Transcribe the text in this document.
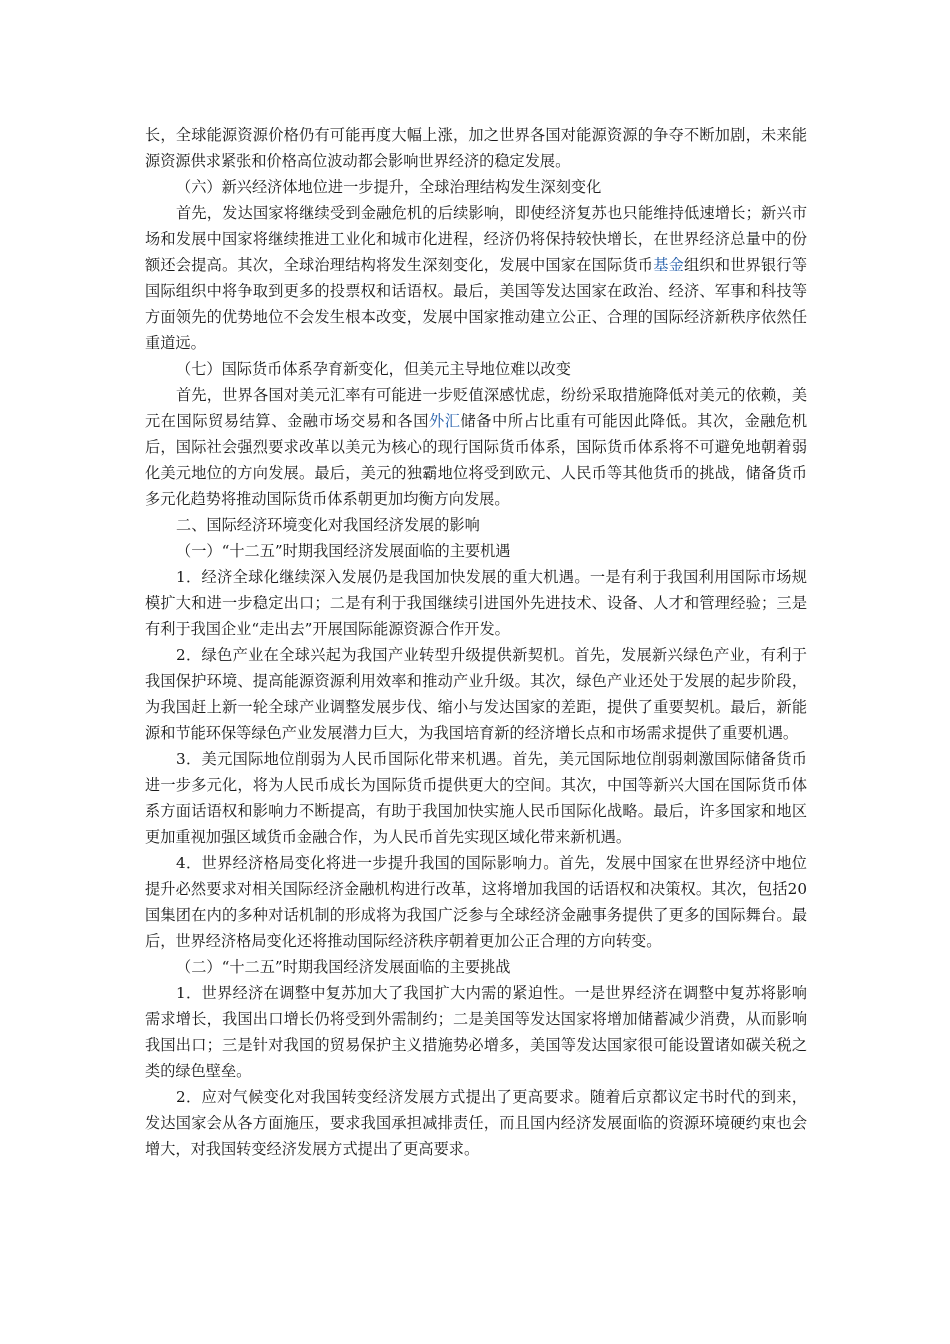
长，全球能源资源价格仍有可能再度大幅上涨，加之世界各国对能源资源的争夺不断加剧，未来能源资源供求紧张和价格高位波动都会影响世界经济的稳定发展。

（六）新兴经济体地位进一步提升，全球治理结构发生深刻变化

首先，发达国家将继续受到金融危机的后续影响，即使经济复苏也只能维持低速增长；新兴市场和发展中国家将继续推进工业化和城市化进程，经济仍将保持较快增长，在世界经济总量中的份额还会提高。其次，全球治理结构将发生深刻变化，发展中国家在国际货币基金组织和世界银行等国际组织中将争取到更多的投票权和话语权。最后，美国等发达国家在政治、经济、军事和科技等方面领先的优势地位不会发生根本改变，发展中国家推动建立公正、合理的国际经济新秩序依然任重道远。

（七）国际货币体系孕育新变化，但美元主导地位难以改变

首先，世界各国对美元汇率有可能进一步贬值深感忧虑，纷纷采取措施降低对美元的依赖，美元在国际贸易结算、金融市场交易和各国外汇储备中所占比重有可能因此降低。其次，金融危机后，国际社会强烈要求改革以美元为核心的现行国际货币体系，国际货币体系将不可避免地朝着弱化美元地位的方向发展。最后，美元的独霸地位将受到欧元、人民币等其他货币的挑战，储备货币多元化趋势将推动国际货币体系朝更加均衡方向发展。

二、国际经济环境变化对我国经济发展的影响

（一）“十二五”时期我国经济发展面临的主要机遇

1．经济全球化继续深入发展仍是我国加快发展的重大机遇。一是有利于我国利用国际市场规模扩大和进一步稳定出口；二是有利于我国继续引进国外先进技术、设备、人才和管理经验；三是有利于我国企业“走出去”开展国际能源资源合作开发。

2．绿色产业在全球兴起为我国产业转型升级提供新契机。首先，发展新兴绿色产业，有利于我国保护环境、提高能源资源利用效率和推动产业升级。其次，绿色产业还处于发展的起步阶段，为我国赶上新一轮全球产业调整发展步伐、缩小与发达国家的差距，提供了重要契机。最后，新能源和节能环保等绿色产业发展潜力巨大，为我国培育新的经济增长点和市场需求提供了重要机遇。

3．美元国际地位削弱为人民币国际化带来机遇。首先，美元国际地位削弱刺激国际储备货币进一步多元化，将为人民币成长为国际货币提供更大的空间。其次，中国等新兴大国在国际货币体系方面话语权和影响力不断提高，有助于我国加快实施人民币国际化战略。最后，许多国家和地区更加重视加强区域货币金融合作，为人民币首先实现区域化带来新机遇。

4．世界经济格局变化将进一步提升我国的国际影响力。首先，发展中国家在世界经济中地位提升必然要求对相关国际经济金融机构进行改革，这将增加我国的话语权和决策权。其次，包括20国集团在内的多种对话机制的形成将为我国广泛参与全球经济金融事务提供了更多的国际舞台。最后，世界经济格局变化还将推动国际经济秩序朝着更加公正合理的方向转变。

（二）“十二五”时期我国经济发展面临的主要挑战

1．世界经济在调整中复苏加大了我国扩大内需的紧迫性。一是世界经济在调整中复苏将影响需求增长，我国出口增长仍将受到外需制约；二是美国等发达国家将增加储蓄减少消费，从而影响我国出口；三是针对我国的贸易保护主义措施势必增多，美国等发达国家很可能设置诸如碳关税之类的绿色壁垒。

2．应对气候变化对我国转变经济发展方式提出了更高要求。随着后京都议定书时代的到来，发达国家会从各方面施压，要求我国承担减排责任，而且国内经济发展面临的资源环境硬约束也会增大，对我国转变经济发展方式提出了更高要求。
